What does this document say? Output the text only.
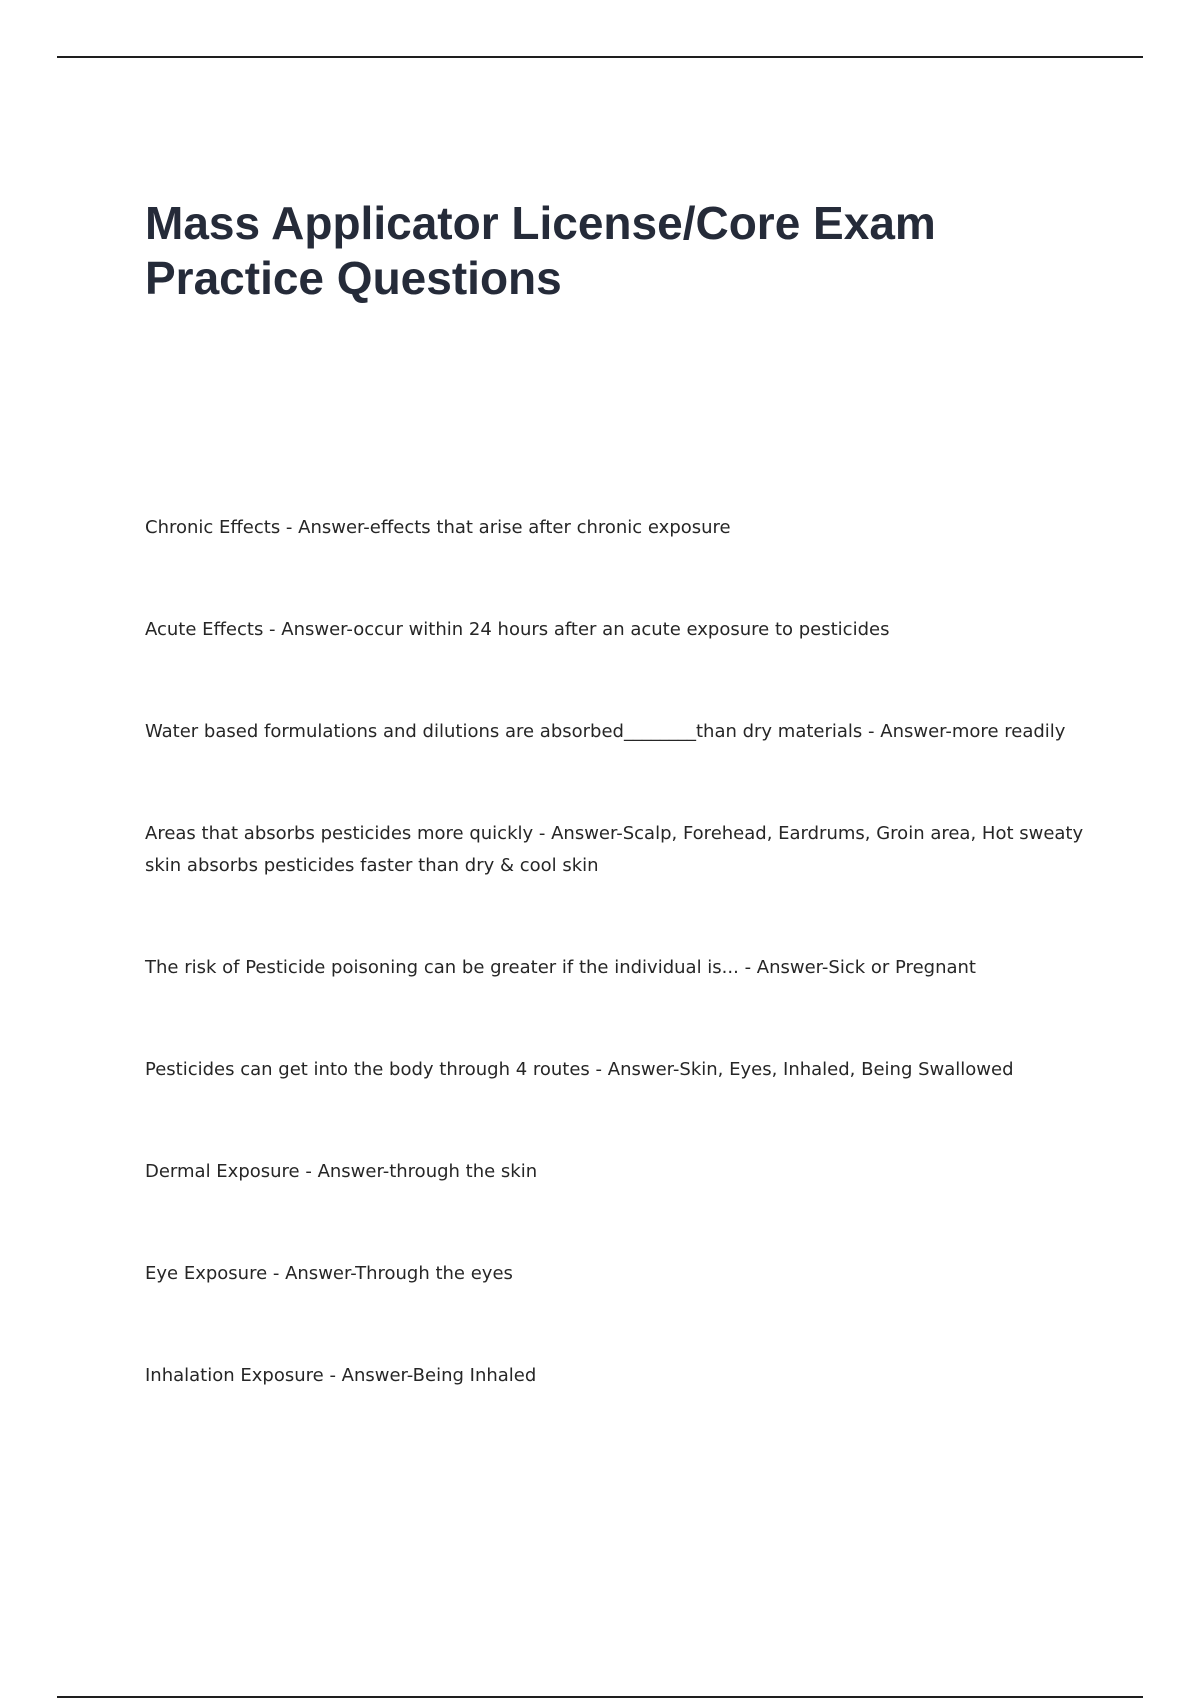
Mass Applicator License/Core Exam Practice Questions
Chronic Effects - Answer-effects that arise after chronic exposure
Acute Effects - Answer-occur within 24 hours after an acute exposure to pesticides
Water based formulations and dilutions are absorbed________than dry materials - Answer-more readily
Areas that absorbs pesticides more quickly - Answer-Scalp, Forehead, Eardrums, Groin area, Hot sweaty skin absorbs pesticides faster than dry & cool skin
The risk of Pesticide poisoning can be greater if the individual is... - Answer-Sick or Pregnant
Pesticides can get into the body through 4 routes - Answer-Skin, Eyes, Inhaled, Being Swallowed
Dermal Exposure - Answer-through the skin
Eye Exposure - Answer-Through the eyes
Inhalation Exposure - Answer-Being Inhaled
